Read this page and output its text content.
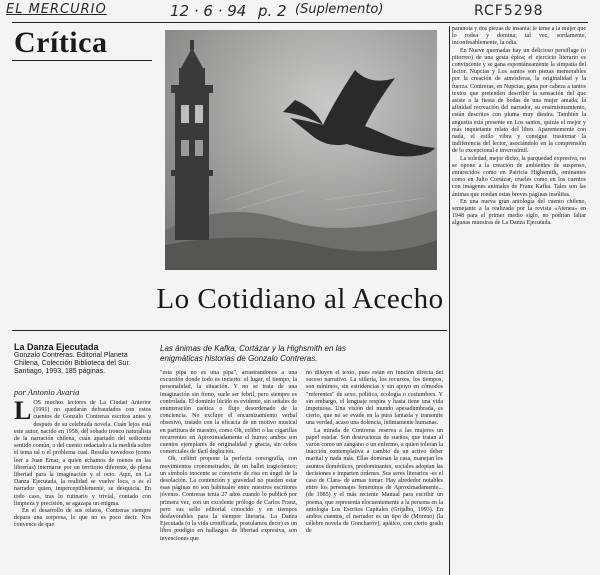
EL MERCURIO	12 · 6 · 94 p. 2 (Suplemento)	RCF5298
Crítica
Lo Cotidiano al Acecho
La Danza Ejecutada
Gonzalo Contreras. Editorial Planeta Chilena, Colección Biblioteca del Sur. Santiago, 1993, 185 páginas.
por Antonio Avaria
Las ánimas de Kafka, Cortázar y la Highsmith en las enigmáticas historias de Gonzalo Contreras.
L OS muchos lectores de La Ciudad Anterior (1991) no quedarán defraudados con estos cuentos de Gonzalo Contreras escritos antes y después de su celebrada novela. Cuán lejos está este autor, nacido en 1958, del sobado tronco naturalista de la narración chilena, cuán apartado del sedicente sentido común, o del cuento redactado a la medida sobre el tema tal o el problema cual. Resulta novedoso (como leer a Juan Emar, a quien echamos de menos en las librerías) internarse por un territorio diferente, de plena libertad para la imaginación y el ocio. Aquí, en La Danza Ejecutada, la realidad se vuelve loca, o es el narrador quien, imperceptiblemente, se desquicia. En todo caso, tras lo rutinario y trivial, contado con limpieza y precisión, se agazapa un enigma.

En el desarrollo de sus relatos, Contreras siempre depara una sorpresa, lo que no es poco decir. Nos convence de que

"esta pipa no es una pipa", arrastrándonos a una excursión donde todo es incierto: el lugar, el tiempo, la personalidad, la situación. Y no se trata de una imaginación sin freno, suele ser febril, pero siempre es controlada. El dominio lúcido es evidente, sin señales de enumeración caótica o flujo desordenado de la conciencia. No excluye el encarnizamiento verbal obsesivo, tratado con la eficacia de un motivo musical en partitura de maestro, como Oh, celibri o las cigarillas recurrentes en Aproximadamente el humo; ambos son cuentos ejemplares de originalidad y gracia, sin cebos comerciales de fácil deglución.

Oh, celibri propone la perfecta coreografía, con movimientos cronometrados, de un ballet tragicómico; un símbolo inocente se convierte de risa en ángel de la desolación. La contención y gravedad no pueden estar esas páginas no son habituales entre nuestros escritores jóvenes. Contreras tenia 27 años cuando lo publicó por primera vez, con un excelente prólogo de Carlos Franz, pero sus sello editorial conocido y en tiempos desfavorables para la siempre literaria. La Danza Ejecutada (o la vida cronificada, postulamos decir) es un libro prodigio en hallazgos de libertad expresiva, son invenciones que

no diluyen el texto, pues están en función directa del suceso narrativo. La utilería, los recursos, los tiempos, son mínimos, sin estridencias y sin apoyo en cómodos "referentes" de sexo, política, ecología o costumbres. Y sin embargo, el lenguaje respira y hasta tiene una vida impetuosa. Una visión del mundo apesadumbrada, es cierto, que no se evade en la pura fantasía y transmite una verdad, acaso una dolencia, íntimamente humanas.

La mirada de Contreras reserva a las mujeres un papel estelar. Son destructoras de sueños, que tratan al varón como un zángano o un enfermo, a quien toleran la inacción contemplativa a cambio de un activo deber marital y nada más. Ellas dominan la casa, manejan los asuntos domésticos, predominantes, sociales adoptan las decisiones e imparten órdenes. Sus seres literarios -es el caso de Clara- de armas tomar. Hay alrededor notables entre los personajes femeninos de Aproximadamente... (de 1985) y el más reciente Manual para escribir un poema, que representa elocuentemente a la persona en la antología Los Escritos Capitales (Grijalbo, 1993). En ambos cuentos, el narrador es un tipo de (Moreno) (la célebre novela de Goncharóv), apático, con cierto grado de

paranoia y dos piezas de insania; le teme a la mujer que lo rodea y domina; tal vez, sordamente, inconfesablemente, la odia.

En Nueve quemadas hay un delicioso persiflage (o pitorreo) de una gesta épica; el ejercicio literario es convincente y se gana espontáneamente la simpatía del lector. Nupcias y Los santos son piezas memorables por la creación de atmósferas, la originalidad y la fuerza. Contreras, en Nupcias, gana por cabeza a tantos textos que pretenden describir la sensación del que asiste a la fiesta de bodas de una mujer amada; la afinidad recreación del narrador, su ensimismamiento, están descritos con pluma muy diestra. También la angustia está presente en Los santos, quizás el mejor y más inquietante relato del libro. Aparentemente con nada, el estilo vibra y consigue trastornar la indiferencia del lector, asociándolo en la comprensión de lo excepcional e inverosimil.

La soledad, mejor dicho, la parquedad expresiva, no se opone a la creación de ambientes de suspenso, enrarecidos como en Patricia Highsmith, ominantes como en Julio Cortázar, crueles como en los cuentos con imágenes animales de Franz Kafka. Tales son las ánimas que rondan estas breves páginas insólitas.

En una nueva gran antología del cuento chileno, semejante a la realizada por la revista «Atenea» en 1948 para el primer medio siglo, no podrían faltar algunas muestras de La Danza Ejecutada.
